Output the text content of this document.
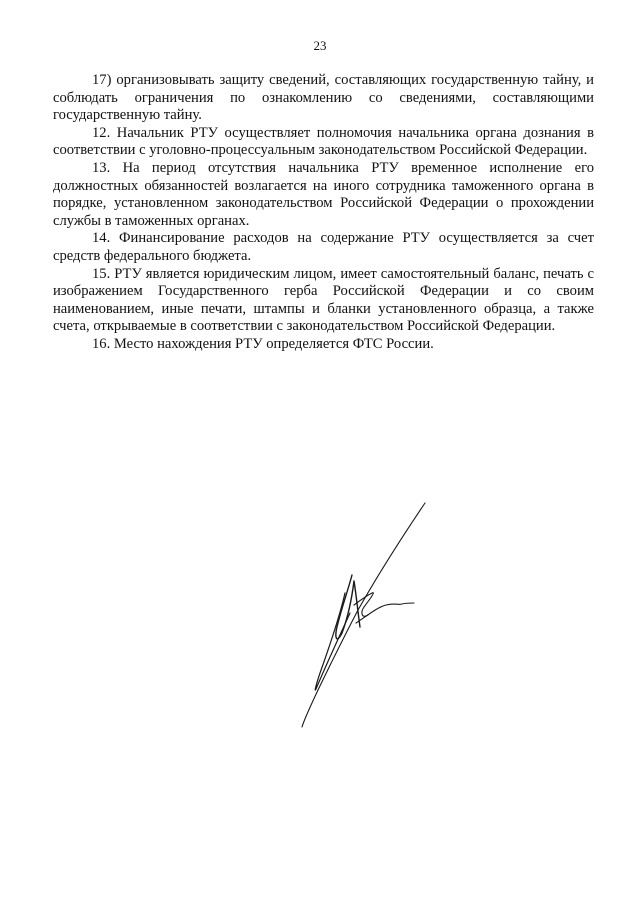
23

17) организовывать защиту сведений, составляющих государственную тайну, и соблюдать ограничения по ознакомлению со сведениями, составляющими государственную тайну.

12. Начальник РТУ осуществляет полномочия начальника органа дознания в соответствии с уголовно-процессуальным законодательством Российской Федерации.

13. На период отсутствия начальника РТУ временное исполнение его должностных обязанностей возлагается на иного сотрудника таможенного органа в порядке, установленном законодательством Российской Федерации о прохождении службы в таможенных органах.

14. Финансирование расходов на содержание РТУ осуществляется за счет средств федерального бюджета.

15. РТУ является юридическим лицом, имеет самостоятельный баланс, печать с изображением Государственного герба Российской Федерации и со своим наименованием, иные печати, штампы и бланки установленного образца, а также счета, открываемые в соответствии с законодательством Российской Федерации.

16. Место нахождения РТУ определяется ФТС России.
